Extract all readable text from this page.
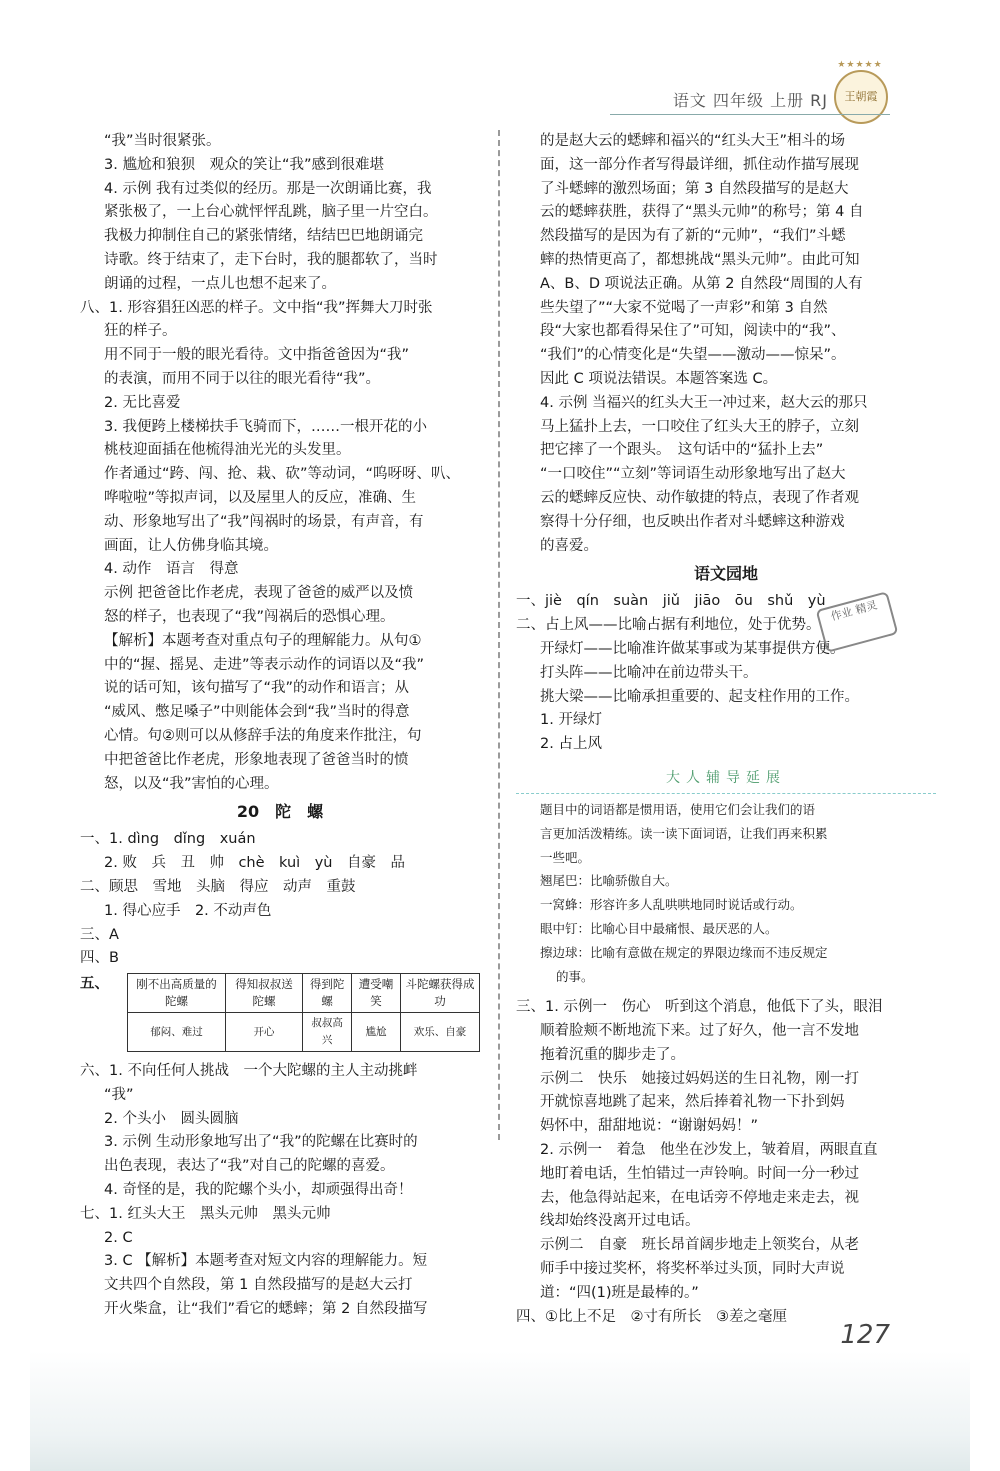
★★★★★
王朝霞
语文 四年级 上册 RJ
“我”当时很紧张。
3. 尴尬和狼狈　观众的笑让“我”感到很难堪
4. 示例 我有过类似的经历。那是一次朗诵比赛，我
紧张极了，一上台心就怦怦乱跳，脑子里一片空白。
我极力抑制住自己的紧张情绪，结结巴巴地朗诵完
诗歌。终于结束了，走下台时，我的腿都软了，当时
朗诵的过程，一点儿也想不起来了。
八、1. 形容猖狂凶恶的样子。文中指“我”挥舞大刀时张
狂的样子。
用不同于一般的眼光看待。文中指爸爸因为“我”
的表演，而用不同于以往的眼光看待“我”。
2. 无比喜爱
3. 我便跨上楼梯扶手飞骑而下，……一根开花的小
桃枝迎面插在他梳得油光光的头发里。
作者通过“跨、闯、抢、栽、砍”等动词，“呜呀呀、叭、
哗啦啦”等拟声词，以及屋里人的反应，准确、生
动、形象地写出了“我”闯祸时的场景，有声音，有
画面，让人仿佛身临其境。
4. 动作　语言　得意
示例 把爸爸比作老虎，表现了爸爸的威严以及愤
怒的样子，也表现了“我”闯祸后的恐惧心理。
【解析】本题考查对重点句子的理解能力。从句①
中的“握、摇晃、走进”等表示动作的词语以及“我”
说的话可知，该句描写了“我”的动作和语言；从
“威风、憋足嗓子”中则能体会到“我”当时的得意
心情。句②则可以从修辞手法的角度来作批注，句
中把爸爸比作老虎，形象地表现了爸爸当时的愤
怒，以及“我”害怕的心理。
20　陀　螺
一、1. dìng　dǐng　xuán
2. 败　兵　丑　帅　chè　kuì　yù　自豪　品
二、顾思　雪地　头脑　得应　动声　重鼓
1. 得心应手　2. 不动声色
三、A
四、B
五、 刚不出高质量的陀螺	得知叔叔送陀螺	得到陀螺	遭受嘲笑	斗陀螺获得成功
郁闷、难过	开心	叔叔高兴	尴尬	欢乐、自豪
六、1. 不向任何人挑战　一个大陀螺的主人主动挑衅
“我”
2. 个头小　圆头圆脑
3. 示例 生动形象地写出了“我”的陀螺在比赛时的
出色表现，表达了“我”对自己的陀螺的喜爱。
4. 奇怪的是，我的陀螺个头小，却顽强得出奇！
七、1. 红头大王　黑头元帅　黑头元帅
2. C
3. C 【解析】本题考查对短文内容的理解能力。短
文共四个自然段，第 1 自然段描写的是赵大云打
开火柴盒，让“我们”看它的蟋蟀；第 2 自然段描写
的是赵大云的蟋蟀和福兴的“红头大王”相斗的场
面，这一部分作者写得最详细，抓住动作描写展现
了斗蟋蟀的激烈场面；第 3 自然段描写的是赵大
云的蟋蟀获胜，获得了“黑头元帅”的称号；第 4 自
然段描写的是因为有了新的“元帅”，“我们”斗蟋
蟀的热情更高了，都想挑战“黑头元帅”。由此可知
A、B、D 项说法正确。从第 2 自然段“周围的人有
些失望了”“大家不觉喝了一声彩”和第 3 自然
段“大家也都看得呆住了”可知，阅读中的“我”、
“我们”的心情变化是“失望——激动——惊呆”。
因此 C 项说法错误。本题答案选 C。
4. 示例 当福兴的红头大王一冲过来，赵大云的那只
马上猛扑上去，一口咬住了红头大王的脖子，立刻
把它摔了一个跟头。　这句话中的“猛扑上去”
“一口咬住”“立刻”等词语生动形象地写出了赵大
云的蟋蟀反应快、动作敏捷的特点，表现了作者观
察得十分仔细，也反映出作者对斗蟋蟀这种游戏
的喜爱。
语文园地
一、jiè　qín　suàn　jiǔ　jiāo　ōu　shǔ　yù
二、占上风——比喻占据有利地位，处于优势。
开绿灯——比喻准许做某事或为某事提供方便。
打头阵——比喻冲在前边带头干。
挑大梁——比喻承担重要的、起支柱作用的工作。
1. 开绿灯
2. 占上风
大人辅导延展
题目中的词语都是惯用语，使用它们会让我们的语
言更加活泼精练。读一读下面词语，让我们再来积累
一些吧。
翘尾巴：比喻骄傲自大。
一窝蜂：形容许多人乱哄哄地同时说话或行动。
眼中钉：比喻心目中最痛恨、最厌恶的人。
擦边球：比喻有意做在规定的界限边缘而不违反规定
的事。
三、1. 示例一　伤心　听到这个消息，他低下了头，眼泪
顺着脸颊不断地流下来。过了好久，他一言不发地
拖着沉重的脚步走了。
示例二　快乐　她接过妈妈送的生日礼物，刚一打
开就惊喜地跳了起来，然后捧着礼物一下扑到妈
妈怀中，甜甜地说：“谢谢妈妈！”
2. 示例一　着急　他坐在沙发上，皱着眉，两眼直直
地盯着电话，生怕错过一声铃响。时间一分一秒过
去，他急得站起来，在电话旁不停地走来走去，视
线却始终没离开过电话。
示例二　自豪　班长昂首阔步地走上领奖台，从老
师手中接过奖杯，将奖杯举过头顶，同时大声说
道：“四(1)班是最棒的。”
四、①比上不足　②寸有所长　③差之毫厘
作业 精灵
127
